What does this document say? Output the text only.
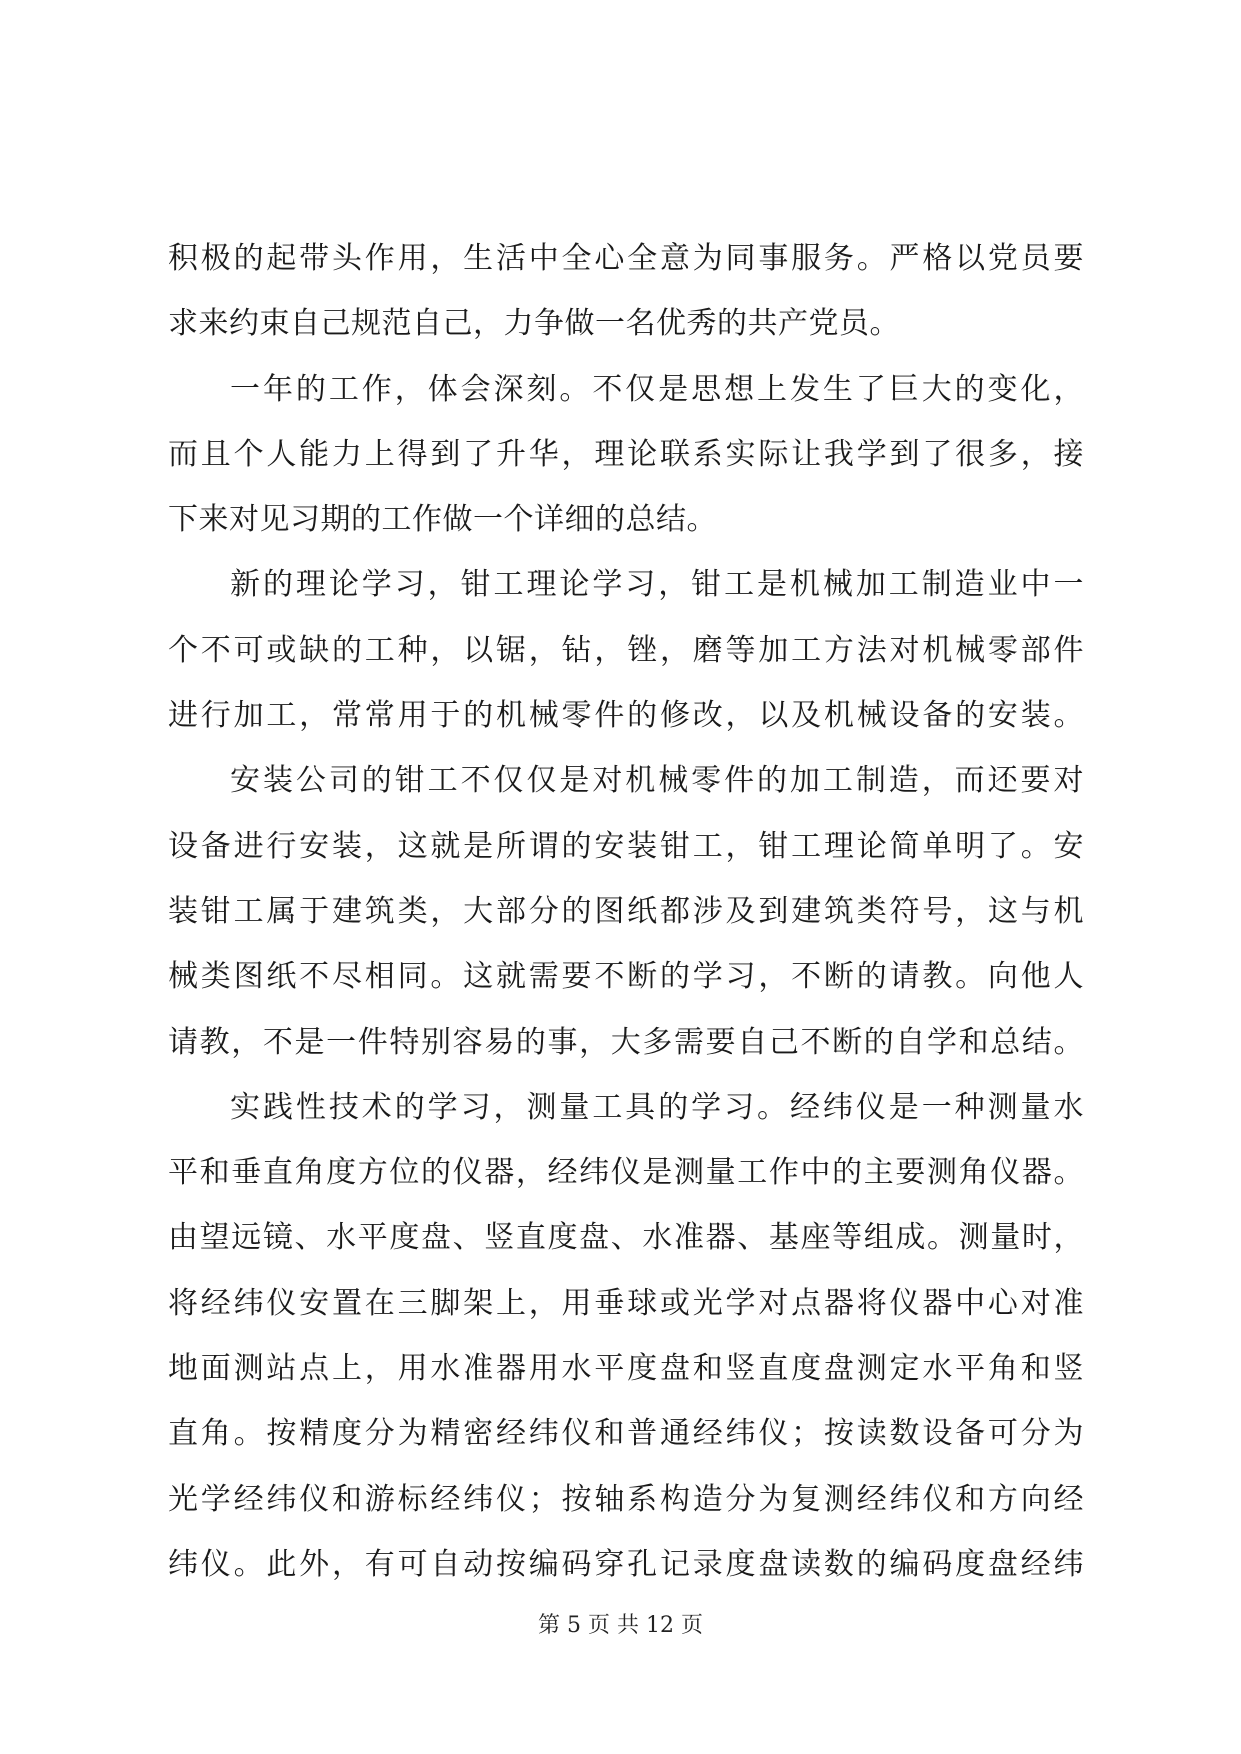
积极的起带头作用，生活中全心全意为同事服务。严格以党员要
求来约束自己规范自己，力争做一名优秀的共产党员。
一年的工作，体会深刻。不仅是思想上发生了巨大的变化，
而且个人能力上得到了升华，理论联系实际让我学到了很多，接
下来对见习期的工作做一个详细的总结。
新的理论学习，钳工理论学习，钳工是机械加工制造业中一
个不可或缺的工种，以锯，钻，锉，磨等加工方法对机械零部件
进行加工，常常用于的机械零件的修改，以及机械设备的安装。
安装公司的钳工不仅仅是对机械零件的加工制造，而还要对
设备进行安装，这就是所谓的安装钳工，钳工理论简单明了。安
装钳工属于建筑类，大部分的图纸都涉及到建筑类符号，这与机
械类图纸不尽相同。这就需要不断的学习，不断的请教。向他人
请教，不是一件特别容易的事，大多需要自己不断的自学和总结。
实践性技术的学习，测量工具的学习。经纬仪是一种测量水
平和垂直角度方位的仪器，经纬仪是测量工作中的主要测角仪器。
由望远镜、水平度盘、竖直度盘、水准器、基座等组成。测量时，
将经纬仪安置在三脚架上，用垂球或光学对点器将仪器中心对准
地面测站点上，用水准器用水平度盘和竖直度盘测定水平角和竖
直角。按精度分为精密经纬仪和普通经纬仪；按读数设备可分为
光学经纬仪和游标经纬仪；按轴系构造分为复测经纬仪和方向经
纬仪。此外，有可自动按编码穿孔记录度盘读数的编码度盘经纬
第 5 页 共 12 页
